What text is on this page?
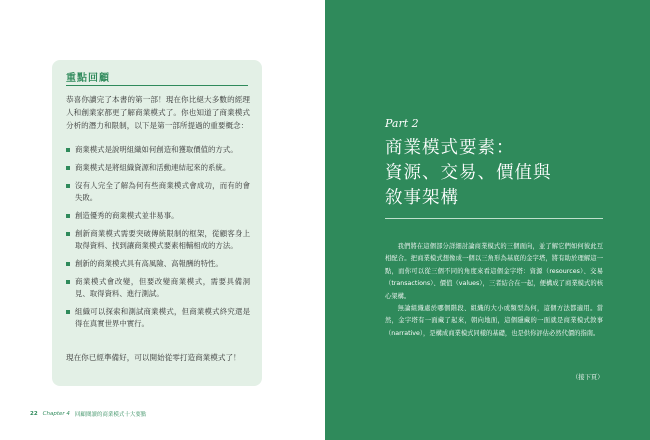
重點回顧
恭喜你讀完了本書的第一部！現在你比絕大多數的經理人和創業家都更了解商業模式了。你也知道了商業模式分析的潛力和限制，以下是第一部所提過的重要概念：
商業模式是說明組織如何創造和獲取價值的方式。
商業模式是將組織資源和活動連結起來的系統。
沒有人完全了解為何有些商業模式會成功，而有的會失敗。
創造優秀的商業模式並非易事。
創新商業模式需要突破傳統限制的框架，從顧客身上取得資料、找到讓商業模式要素相輔相成的方法。
創新的商業模式具有高風險、高報酬的特性。
商業模式會改變，但要改變商業模式，需要具備洞見、取得資料、進行測試。
組織可以探索和測試商業模式，但商業模式終究還是得在真實世界中實行。
現在你已經準備好，可以開始從零打造商業模式了！
22 Chapter 4 回顧閱讀的商業模式十大要點
Part 2
商業模式要素：
資源、交易、價值與
敘事架構

我們將在這個部分詳細討論商業模式的三個面向，並了解它們如何彼此互相配合。把商業模式想像成一個以三角形為基底的金字塔，將有助於理解這一點，而你可以從三個不同的角度來看這個金字塔：資源（resources）、交易（transactions）、價值（values），三者結合在一起，便構成了商業模式的核心架構。

無論組織處於哪個階段、組織的大小或類型為何，這個方法都適用。當然，金字塔有一面藏了起來，朝向地面，這個隱藏的一面就是商業模式敘事（narrative），是構成商業模式同樣的基礎，也是供你評估必然代價的指南。

（接下頁）
